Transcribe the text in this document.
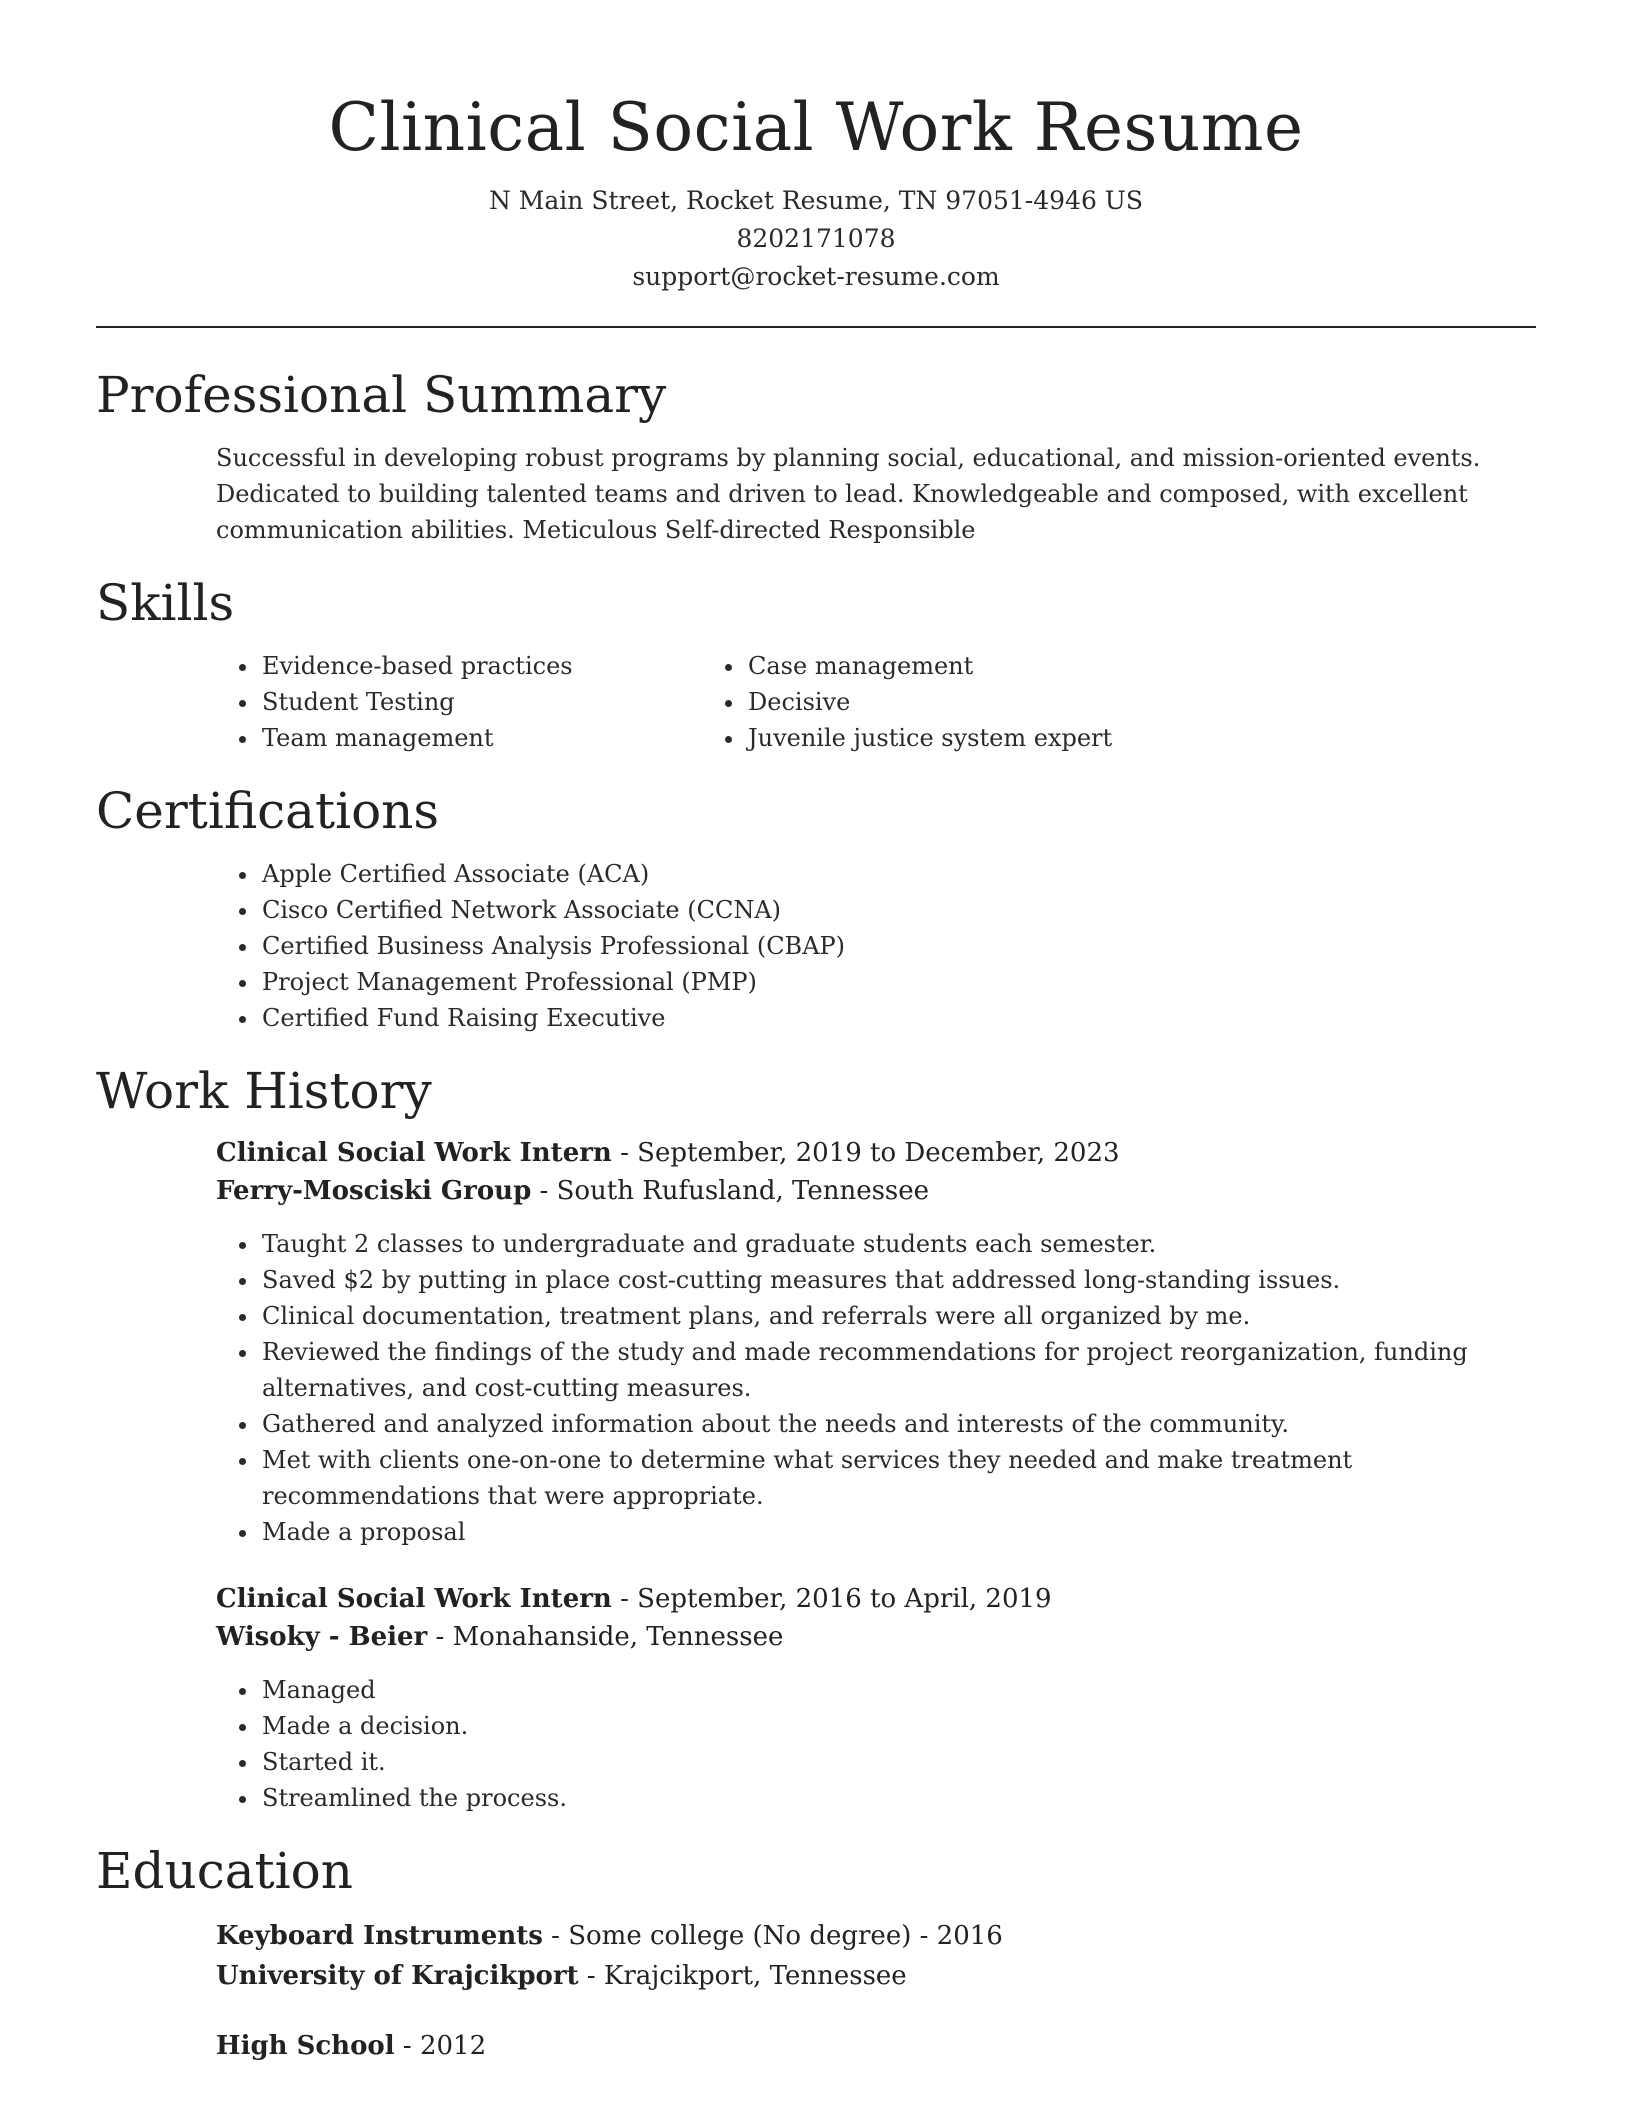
Clinical Social Work Resume
N Main Street, Rocket Resume, TN 97051-4946 US
8202171078
support@rocket-resume.com
Professional Summary
Successful in developing robust programs by planning social, educational, and mission-oriented events. Dedicated to building talented teams and driven to lead. Knowledgeable and composed, with excellent communication abilities. Meticulous Self-directed Responsible
Skills
• Evidence-based practices
• Student Testing
• Team management
• Case management
• Decisive
• Juvenile justice system expert
Certifications
• Apple Certified Associate (ACA)
• Cisco Certified Network Associate (CCNA)
• Certified Business Analysis Professional (CBAP)
• Project Management Professional (PMP)
• Certified Fund Raising Executive
Work History
Clinical Social Work Intern - September, 2019 to December, 2023
Ferry-Mosciski Group - South Rufusland, Tennessee
• Taught 2 classes to undergraduate and graduate students each semester.
• Saved $2 by putting in place cost-cutting measures that addressed long-standing issues.
• Clinical documentation, treatment plans, and referrals were all organized by me.
• Reviewed the findings of the study and made recommendations for project reorganization, funding alternatives, and cost-cutting measures.
• Gathered and analyzed information about the needs and interests of the community.
• Met with clients one-on-one to determine what services they needed and make treatment recommendations that were appropriate.
• Made a proposal
Clinical Social Work Intern - September, 2016 to April, 2019
Wisoky - Beier - Monahanside, Tennessee
• Managed
• Made a decision.
• Started it.
• Streamlined the process.
Education
Keyboard Instruments - Some college (No degree) - 2016
University of Krajcikport - Krajcikport, Tennessee
High School - 2012
